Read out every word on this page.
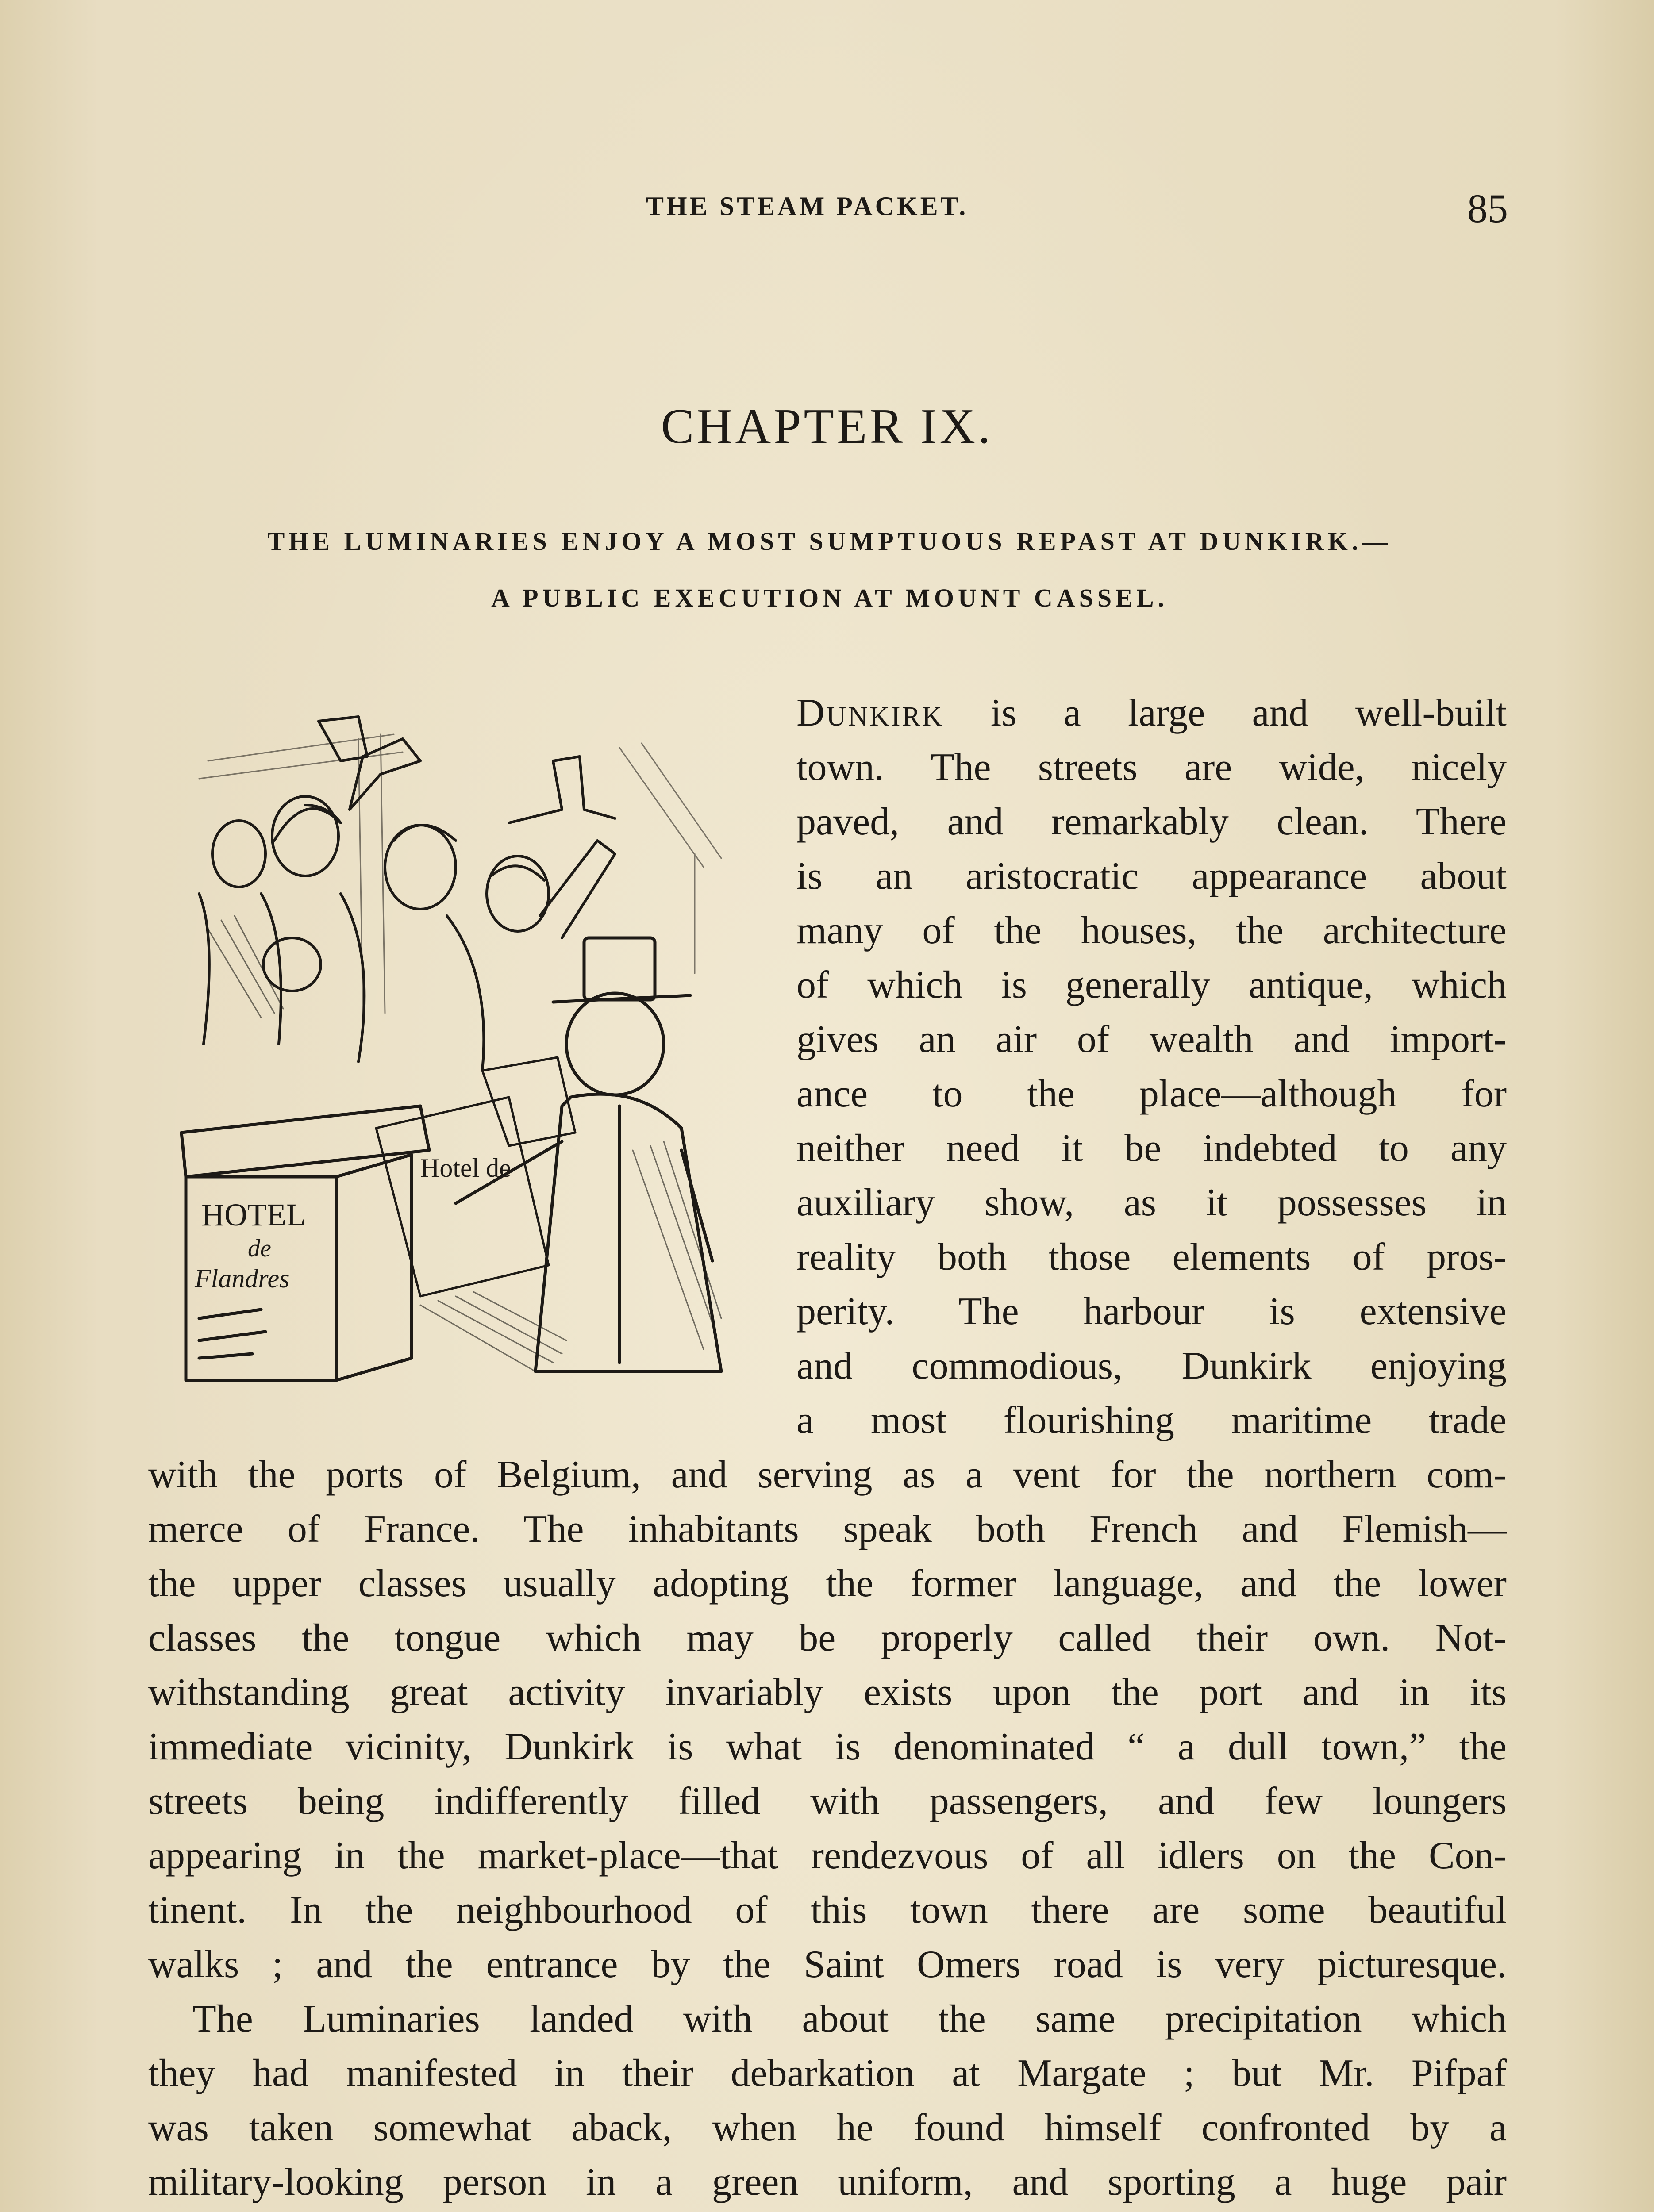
THE STEAM PACKET.	85
CHAPTER IX.
THE LUMINARIES ENJOY A MOST SUMPTUOUS REPAST AT DUNKIRK.—
A PUBLIC EXECUTION AT MOUNT CASSEL.
Hotel de
HOTEL
de
Flandres
Dunkirk is a large and well-built
town. The streets are wide, nicely
paved, and remarkably clean. There
is an aristocratic appearance about
many of the houses, the architecture
of which is generally antique, which
gives an air of wealth and import-
ance to the place—although for
neither need it be indebted to any
auxiliary show, as it possesses in
reality both those elements of pros-
perity. The harbour is extensive
and commodious, Dunkirk enjoying
a most flourishing maritime trade
with the ports of Belgium, and serving as a vent for the northern com-
merce of France. The inhabitants speak both French and Flemish—
the upper classes usually adopting the former language, and the lower
classes the tongue which may be properly called their own. Not-
withstanding great activity invariably exists upon the port and in its
immediate vicinity, Dunkirk is what is denominated “ a dull town,” the
streets being indifferently filled with passengers, and few loungers
appearing in the market-place—that rendezvous of all idlers on the Con-
tinent. In the neighbourhood of this town there are some beautiful
walks ; and the entrance by the Saint Omers road is very picturesque.
The Luminaries landed with about the same precipitation which
they had manifested in their debarkation at Margate ; but Mr. Pifpaf
was taken somewhat aback, when he found himself confronted by a
military-looking person in a green uniform, and sporting a huge pair
